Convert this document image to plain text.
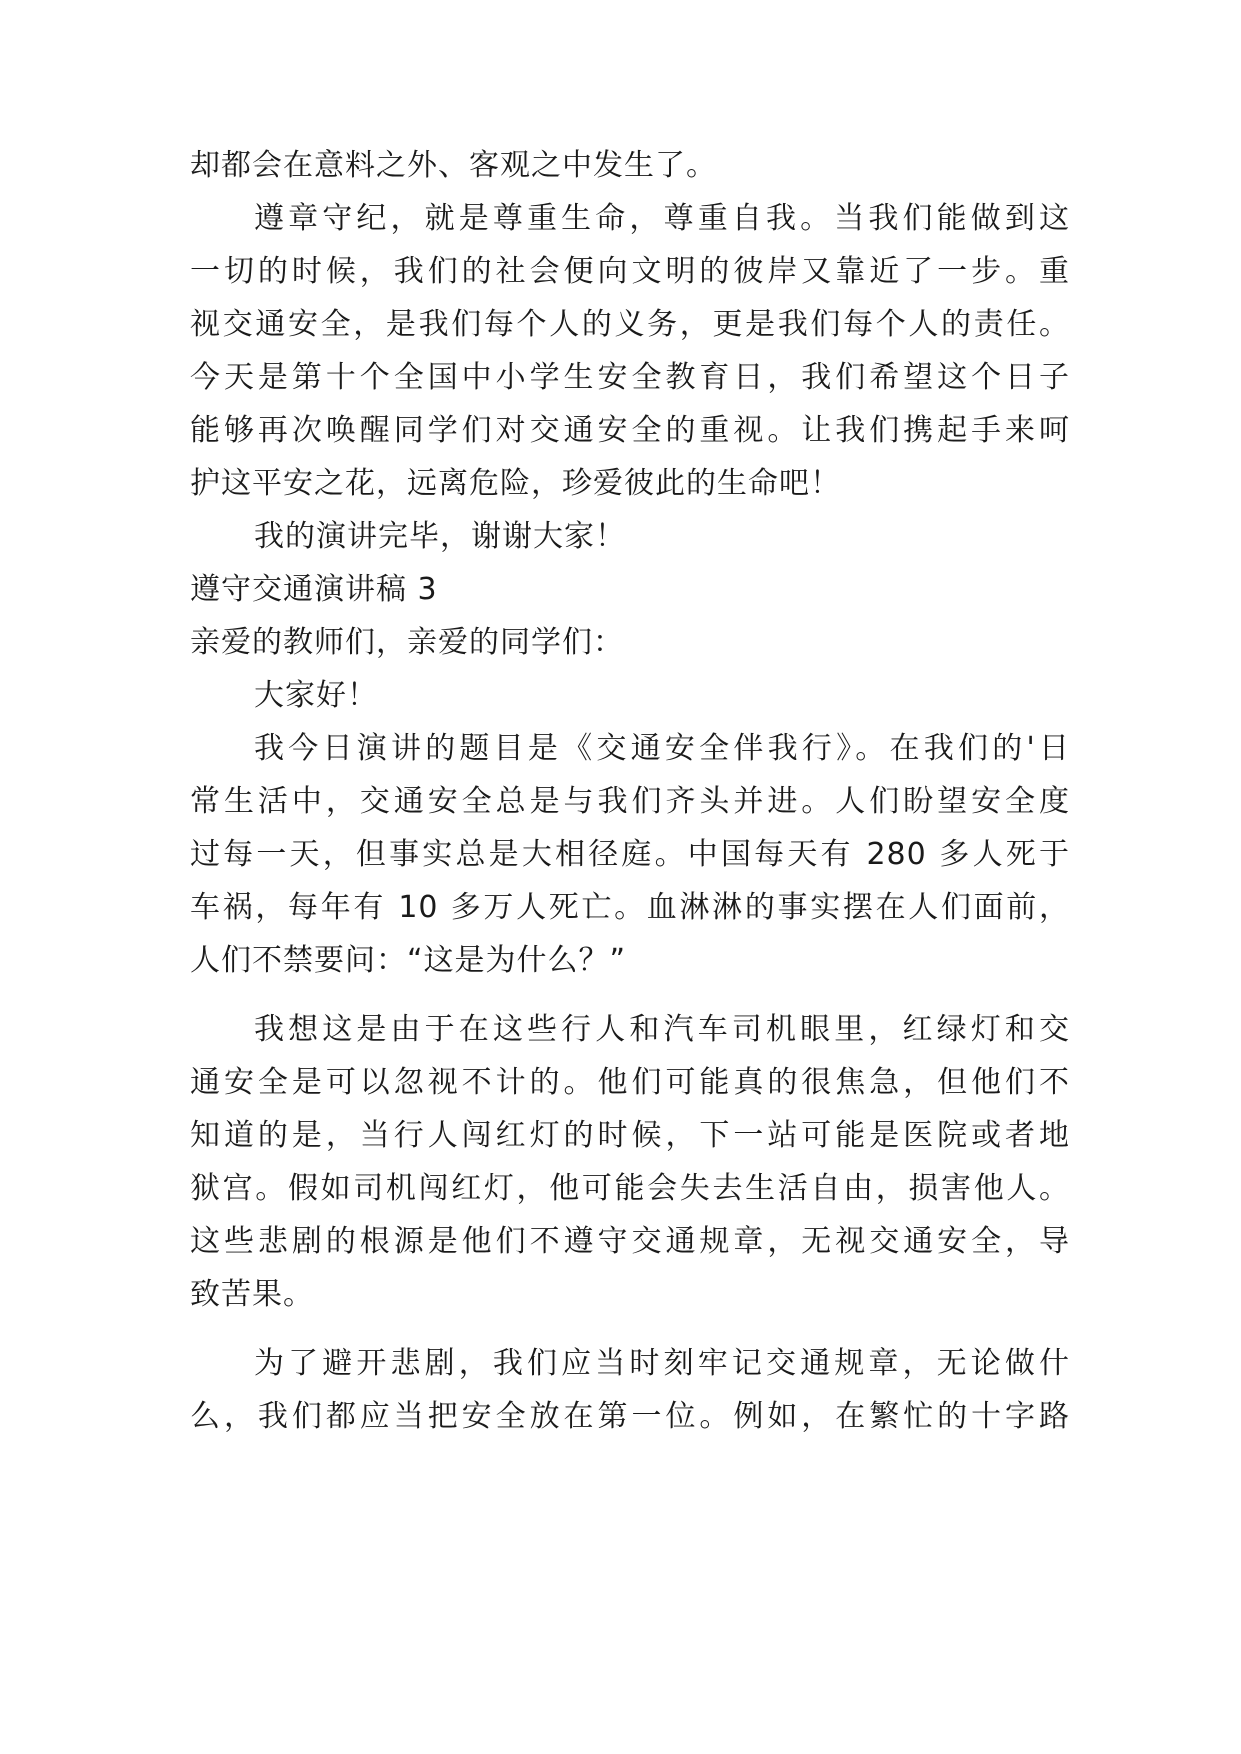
却都会在意料之外、客观之中发生了。
遵章守纪，就是尊重生命，尊重自我。当我们能做到这
一切的时候，我们的社会便向文明的彼岸又靠近了一步。重
视交通安全，是我们每个人的义务，更是我们每个人的责任。
今天是第十个全国中小学生安全教育日，我们希望这个日子
能够再次唤醒同学们对交通安全的重视。让我们携起手来呵
护这平安之花，远离危险，珍爱彼此的生命吧！
我的演讲完毕，谢谢大家！
遵守交通演讲稿 3
亲爱的教师们，亲爱的同学们：
大家好！
我今日演讲的题目是《交通安全伴我行》。在我们的'日
常生活中，交通安全总是与我们齐头并进。人们盼望安全度
过每一天，但事实总是大相径庭。中国每天有 280 多人死于
车祸，每年有 10 多万人死亡。血淋淋的事实摆在人们面前，
人们不禁要问：“这是为什么？”
我想这是由于在这些行人和汽车司机眼里，红绿灯和交
通安全是可以忽视不计的。他们可能真的很焦急，但他们不
知道的是，当行人闯红灯的时候，下一站可能是医院或者地
狱宫。假如司机闯红灯，他可能会失去生活自由，损害他人。
这些悲剧的根源是他们不遵守交通规章，无视交通安全，导
致苦果。
为了避开悲剧，我们应当时刻牢记交通规章，无论做什
么，我们都应当把安全放在第一位。例如，在繁忙的十字路
